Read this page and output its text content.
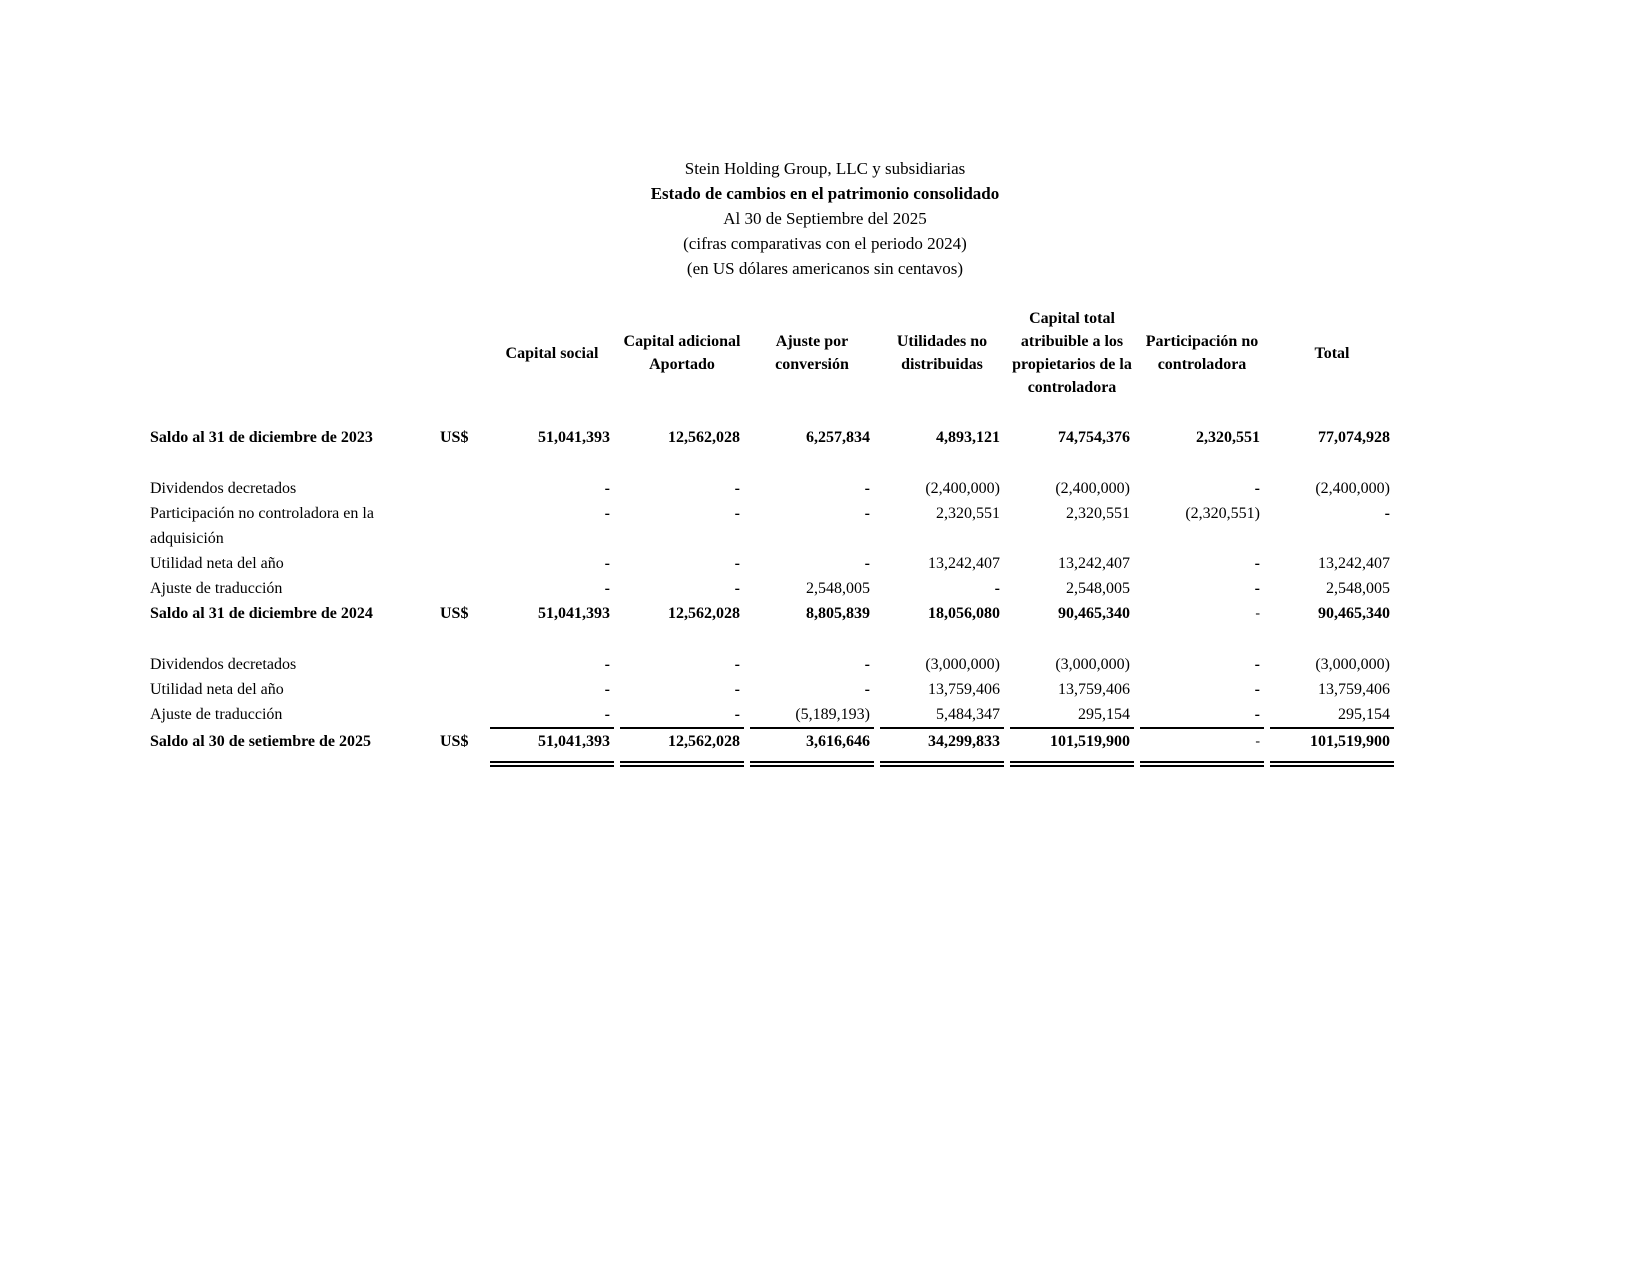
Stein Holding Group, LLC y subsidiarias

Estado de cambios en el patrimonio consolidado

Al 30 de Septiembre del 2025

(cifras comparativas con el periodo 2024)

(en US dólares americanos sin centavos)

		Capital social	Capital adicional Aportado	Ajuste por conversión	Utilidades no distribuidas	Capital total atribuible a los propietarios de la controladora	Participación no controladora	Total

Saldo al 31 de diciembre de 2023	US$	51,041,393	12,562,028	6,257,834	4,893,121	74,754,376	2,320,551	77,074,928

Dividendos decretados		-	-	-	(2,400,000)	(2,400,000)	-	(2,400,000)
Participación no controladora en la adquisición		-	-	-	2,320,551	2,320,551	(2,320,551)	-
Utilidad neta del año		-	-	-	13,242,407	13,242,407	-	13,242,407
Ajuste de traducción		-	-	2,548,005	-	2,548,005	-	2,548,005
Saldo al 31 de diciembre de 2024	US$	51,041,393	12,562,028	8,805,839	18,056,080	90,465,340	-	90,465,340

Dividendos decretados		-	-	-	(3,000,000)	(3,000,000)	-	(3,000,000)
Utilidad neta del año		-	-	-	13,759,406	13,759,406	-	13,759,406
Ajuste de traducción		-	-	(5,189,193)	5,484,347	295,154	-	295,154
Saldo al 30 de setiembre de 2025	US$	51,041,393	12,562,028	3,616,646	34,299,833	101,519,900	-	101,519,900
